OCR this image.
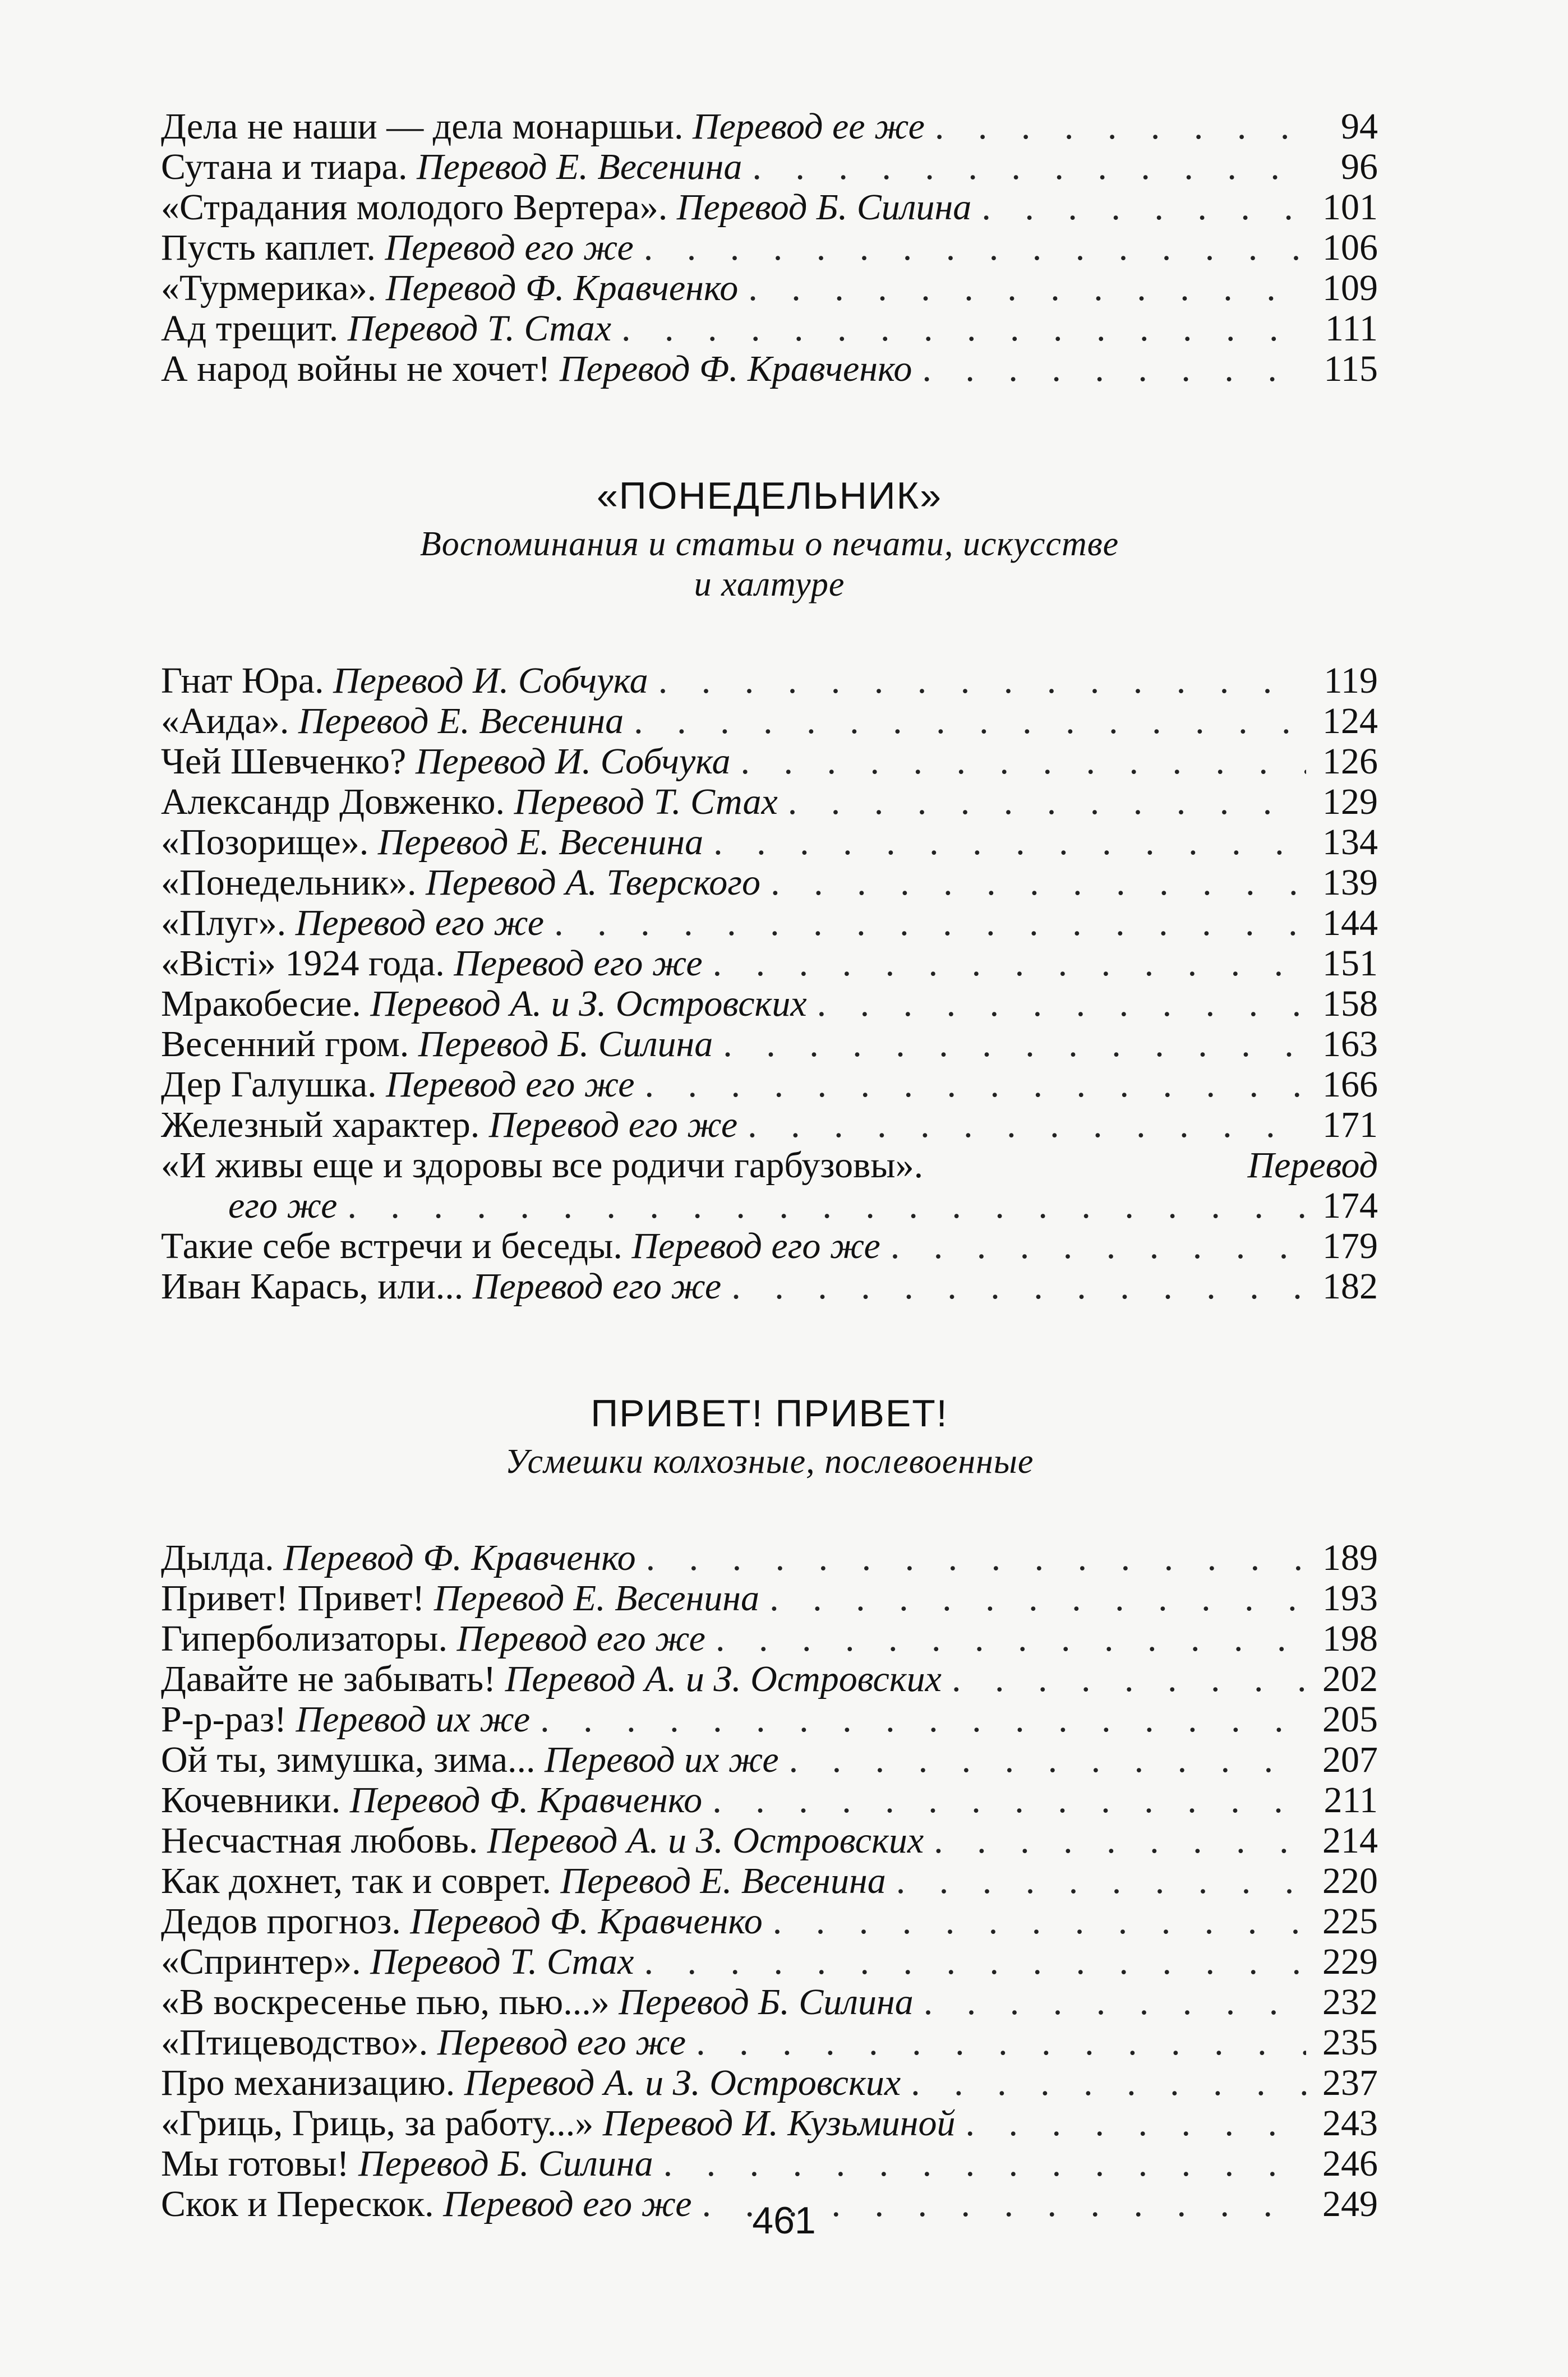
Дела не наши — дела монаршьи. Перевод ее же . . .	94
Сутана и тиара. Перевод Е. Весенина . . .	96
«Страдания молодого Вертера». Перевод Б. Силина . . .	101
Пусть каплет. Перевод его же . . .	106
«Турмерика». Перевод Ф. Кравченко . . .	109
Ад трещит. Перевод Т. Стах . . .	111
А народ войны не хочет! Перевод Ф. Кравченко . . .	115
«ПОНЕДЕЛЬНИК»
Воспоминания и статьи о печати, искусстве
и халтуре
Гнат Юра. Перевод И. Собчука . . .	119
«Аида». Перевод Е. Весенина . . .	124
Чей Шевченко? Перевод И. Собчука . . .	126
Александр Довженко. Перевод Т. Стах . . .	129
«Позорище». Перевод Е. Весенина . . .	134
«Понедельник». Перевод А. Тверского . . .	139
«Плуг». Перевод его же . . .	144
«Вісті» 1924 года. Перевод его же . . .	151
Мракобесие. Перевод А. и З. Островских . . .	158
Весенний гром. Перевод Б. Силина . . .	163
Дер Галушка. Перевод его же . . .	166
Железный характер. Перевод его же . . .	171
«И живы еще и здоровы все родичи гарбузовы».	Перевод
его же . . .	174
Такие себе встречи и беседы. Перевод его же . . .	179
Иван Карась, или... Перевод его же . . .	182
ПРИВЕТ! ПРИВЕТ!
Усмешки колхозные, послевоенные
Дылда. Перевод Ф. Кравченко . . .	189
Привет! Привет! Перевод Е. Весенина . . .	193
Гиперболизаторы. Перевод его же . . .	198
Давайте не забывать! Перевод А. и З. Островских . . .	202
Р-р-раз! Перевод их же . . .	205
Ой ты, зимушка, зима... Перевод их же . . .	207
Кочевники. Перевод Ф. Кравченко . . .	211
Несчастная любовь. Перевод А. и З. Островских . . .	214
Как дохнет, так и соврет. Перевод Е. Весенина . . .	220
Дедов прогноз. Перевод Ф. Кравченко . . .	225
«Спринтер». Перевод Т. Стах . . .	229
«В воскресенье пью, пью...» Перевод Б. Силина . . .	232
«Птицеводство». Перевод его же . . .	235
Про механизацию. Перевод А. и З. Островских . . .	237
«Гриць, Гриць, за работу...» Перевод И. Кузьминой . . .	243
Мы готовы! Перевод Б. Силина . . .	246
Скок и Перескок. Перевод его же . . .	249
461
